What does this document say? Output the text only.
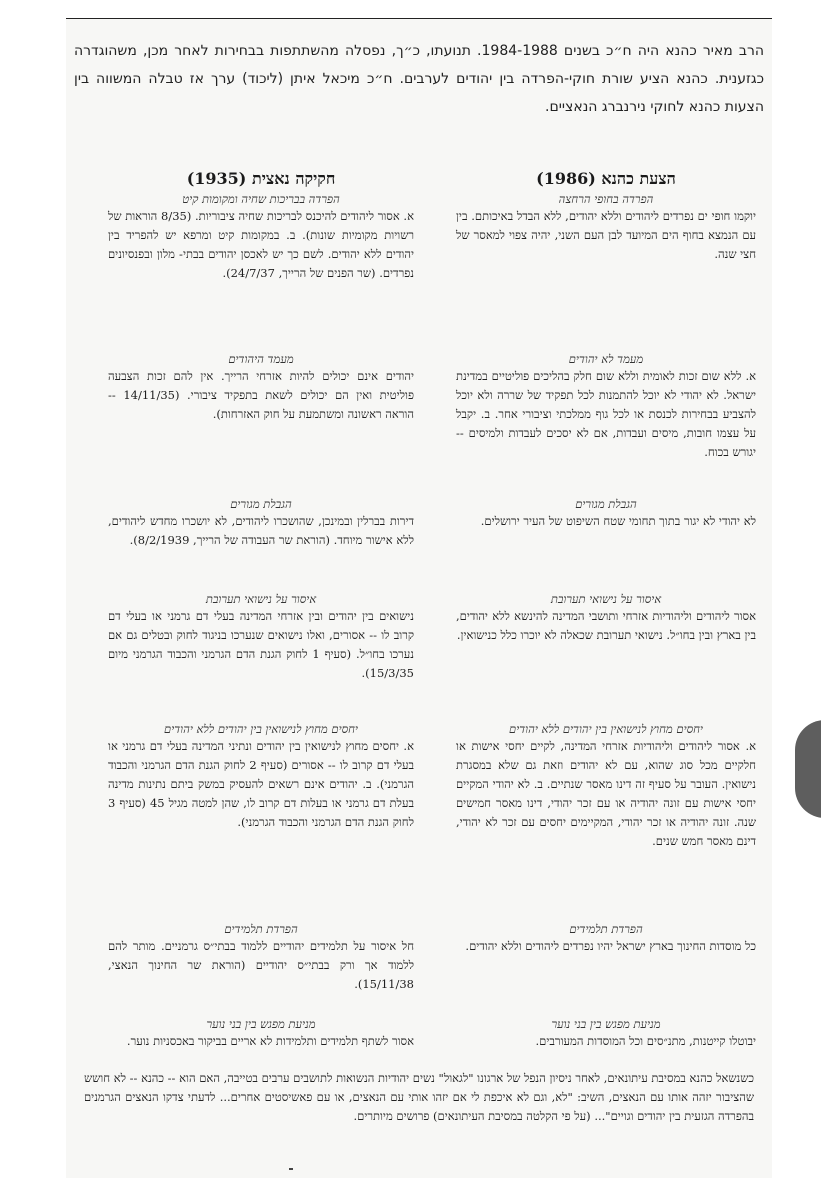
הרב מאיר כהנא היה ח״כ בשנים 1984-1988. תנועתו, כ״ך, נפסלה מהשתתפות בבחירות לאחר מכן, משהוגדרה כגזענית. כהנא הציע שורת חוקי-הפרדה בין יהודים לערבים. ח״כ מיכאל איתן (ליכוד) ערך אז טבלה המשווה בין הצעות כהנא לחוקי נירנברג הנאציים.
הצעת כהנא (1986)
הפרדה בחופי הרחצה
יוקמו חופי ים נפרדים ליהודים וללא יהודים, ללא הבדל באיכותם. בין עם הנמצא בחוף הים המיועד לבן העם השני, יהיה צפוי למאסר של חצי שנה.
מעמד לא יהודים
א. ללא שום זכות לאומית וללא שום חלק בהליכים פוליטיים במדינת ישראל. לא יהודי לא יוכל להתמנות לכל תפקיד של שררה ולא יוכל להצביע בבחירות לכנסת או לכל גוף ממלכתי וציבורי אחר. ב. יקבל על עצמו חובות, מיסים ועבדות, אם לא יסכים לעבדות ולמיסים -- יגורש בכוח.
הגבלת מגורים
לא יהודי לא יגור בתוך תחומי שטח השיפוט של העיר ירושלים.
איסור על נישואי תערובת
אסור ליהודים וליהודיות אזרחי ותושבי המדינה להינשא ללא יהודים, בין בארץ ובין בחו״ל. נישואי תערובת שכאלה לא יוכרו כלל כנישואין.
יחסים מחוץ לנישואין בין יהודים ללא יהודים
א. אסור ליהודים וליהודיות אזרחי המדינה, לקיים יחסי אישות או חלקיים מכל סוג שהוא, עם לא יהודים וזאת גם שלא במסגרת נישואין. העובר על סעיף זה דינו מאסר שנתיים. ב. לא יהודי המקיים יחסי אישות עם זונה יהודיה או עם זכר יהודי, דינו מאסר חמישים שנה. זונה יהודיה או זכר יהודי, המקיימים יחסים עם זכר לא יהודי, דינם מאסר חמש שנים.
הפרדת תלמידים
כל מוסדות החינוך בארץ ישראל יהיו נפרדים ליהודים וללא יהודים.
מניעת מפגש בין בני נוער
יבוטלו קייטנות, מתנ״סים וכל המוסדות המעורבים.
חקיקה נאצית (1935)
הפרדה בבריכות שחיה ומקומות קיט
א. אסור ליהודים להיכנס לבריכות שחיה ציבוריות. (8/35 הוראות של רשויות מקומיות שונות). ב. במקומות קיט ומרפא יש להפריד בין יהודים ללא יהודים. לשם כך יש לאכסן יהודים בבתי- מלון ובפנסיונים נפרדים. (שר הפנים של הרייך, 24/7/37).
מעמד היהודים
יהודים אינם יכולים להיות אזרחי הרייך. אין להם זכות הצבעה פוליטית ואין הם יכולים לשאת בתפקיד ציבורי. (14/11/35 -- הוראה ראשונה ומשתמעת על חוק האזרחות).
הגבלת מגורים
דירות בברלין ובמינכן, שהושכרו ליהודים, לא יושכרו מחדש ליהודים, ללא אישור מיוחד. (הוראת שר העבודה של הרייך, 8/2/1939).
איסור על נישואי תערובת
נישואים בין יהודים ובין אזרחי המדינה בעלי דם גרמני או בעלי דם קרוב לו -- אסורים, ואלו נישואים שנערכו בניגוד לחוק ובטלים גם אם נערכו בחו״ל. (סעיף 1 לחוק הגנת הדם הגרמני והכבוד הגרמני מיום 15/3/35).
יחסים מחוץ לנישואין בין יהודים ללא יהודים
א. יחסים מחוץ לנישואין בין יהודים ונתיני המדינה בעלי דם גרמני או בעלי דם קרוב לו -- אסורים (סעיף 2 לחוק הגנת הדם הגרמני והכבוד הגרמני). ב. יהודים אינם רשאים להעסיק במשק ביתם נתינות מדינה בעלת דם גרמני או בעלות דם קרוב לו, שהן למטה מגיל 45 (סעיף 3 לחוק הגנת הדם הגרמני והכבוד הגרמני).
הפרדת תלמידים
חל איסור על תלמידים יהודיים ללמוד בבתי״ס גרמניים. מותר להם ללמוד אך ורק בבתי״ס יהודיים (הוראת שר החינוך הנאצי, 15/11/38).
מניעת מפגש בין בני נוער
אסור לשתף תלמידים ותלמידות לא אריים בביקור באכסניות נוער.
כשנשאל כהנא במסיבת עיתונאים, לאחר ניסיון הנפל של ארגונו "לגאול" נשים יהודיות הנשואות לתושבים ערבים בטייבה, האם הוא -- כהנא -- לא חושש שהציבור יזהה אותו עם הנאצים, השיב: "לא, וגם לא איכפת לי אם יזהו אותי עם הנאצים, או עם פאשיסטים אחרים... לדעתי צדקו הנאצים הגרמנים בהפרדה הגזעית בין יהודים וגויים"... (על פי הקלטה במסיבת העיתונאים) פרושים מיותרים.
